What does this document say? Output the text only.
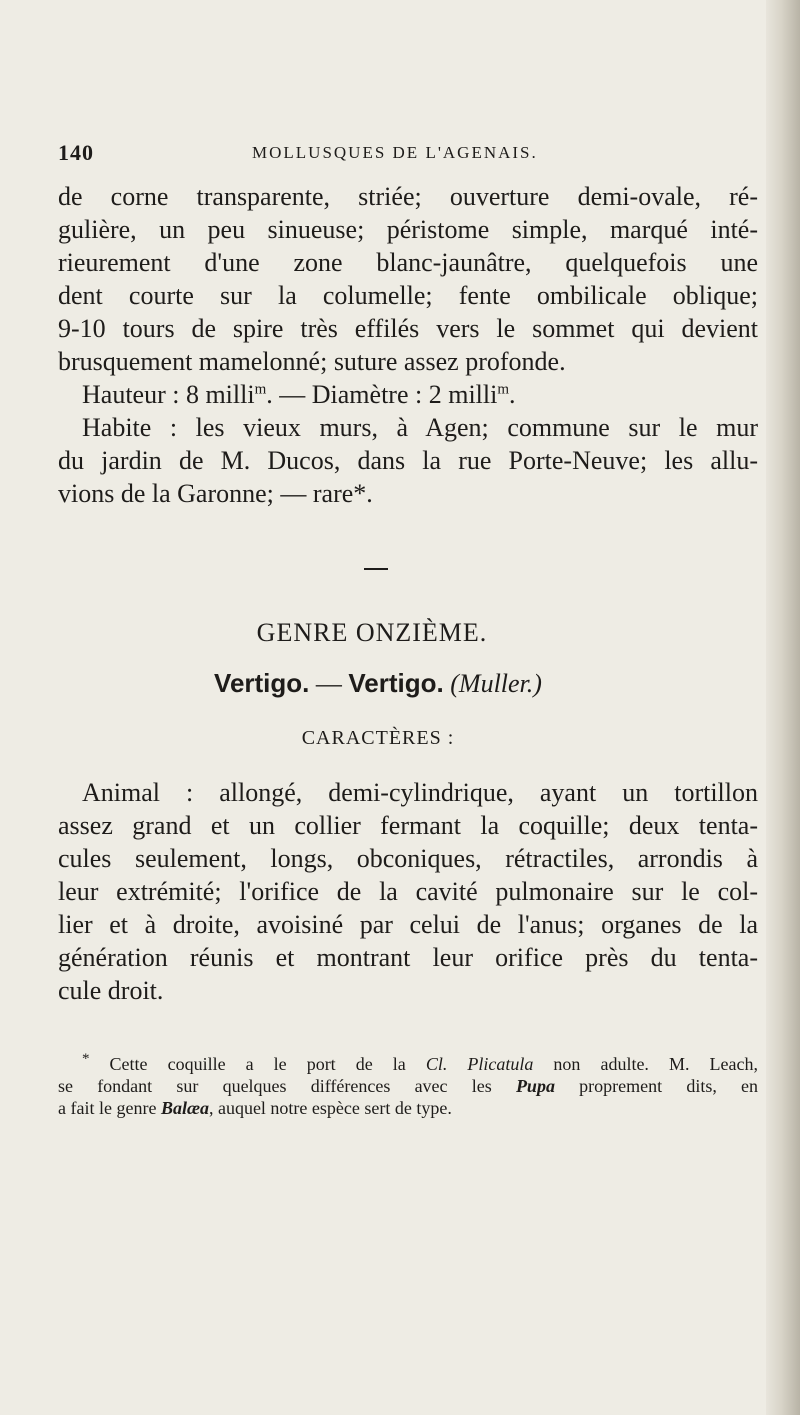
140	MOLLUSQUES DE L'AGENAIS.

de corne transparente, striée; ouverture demi-ovale, ré-
gulière, un peu sinueuse; péristome simple, marqué inté-
rieurement d'une zone blanc-jaunâtre, quelquefois une
dent courte sur la columelle; fente ombilicale oblique;
9-10 tours de spire très effilés vers le sommet qui devient
brusquement mamelonné; suture assez profonde.
Hauteur : 8 milli$^m$. — Diamètre : 2 milli$^m$.
Habite : les vieux murs, à Agen; commune sur le mur
du jardin de M. Ducos, dans la rue Porte-Neuve; les allu-
vions de la Garonne; — rare*.

GENRE ONZIÈME.
Vertigo. — Vertigo. (Muller.)
CARACTÈRES :

Animal : allongé, demi-cylindrique, ayant un tortillon
assez grand et un collier fermant la coquille; deux tenta-
cules seulement, longs, obconiques, rétractiles, arrondis à
leur extrémité; l'orifice de la cavité pulmonaire sur le col-
lier et à droite, avoisiné par celui de l'anus; organes de la
génération réunis et montrant leur orifice près du tenta-
cule droit.

* Cette coquille a le port de la Cl. Plicatula non adulte. M. Leach,
se fondant sur quelques différences avec les Pupa proprement dits, en
a fait le genre Balæa, auquel notre espèce sert de type.
